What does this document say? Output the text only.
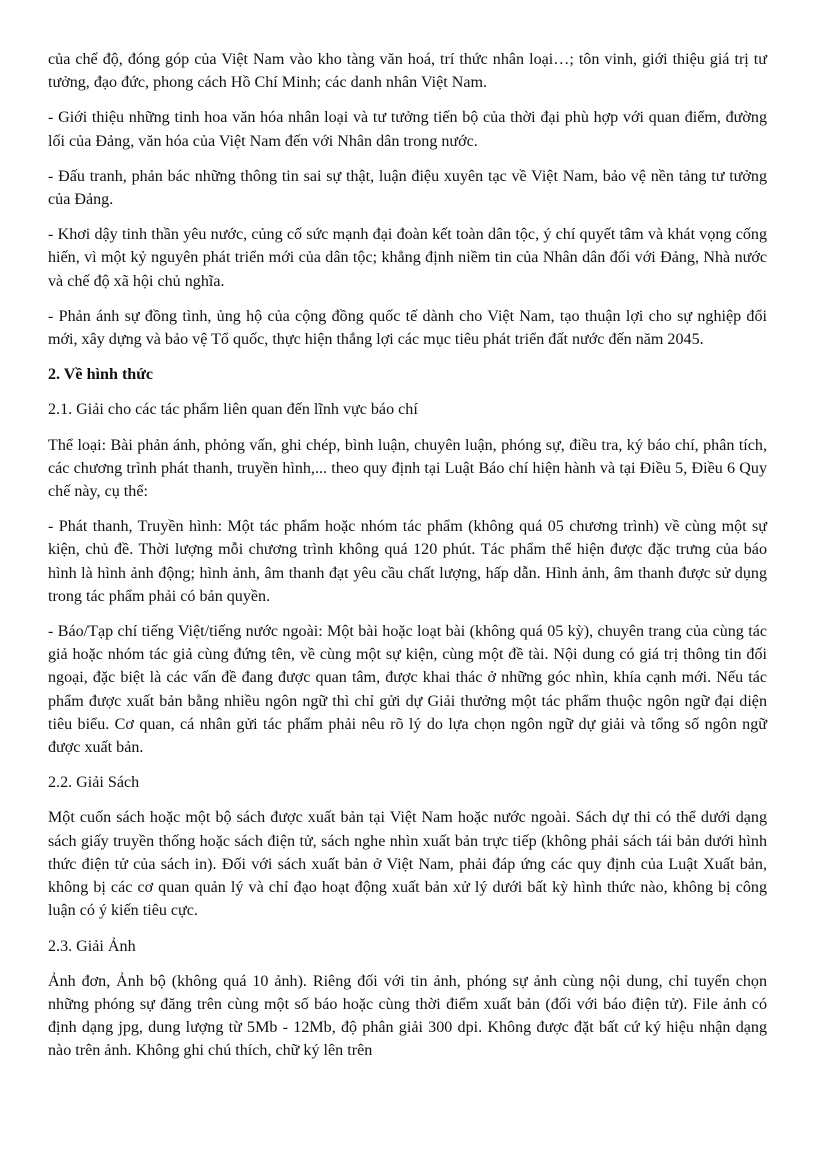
của chế độ, đóng góp của Việt Nam vào kho tàng văn hoá, trí thức nhân loại…; tôn vinh, giới thiệu giá trị tư tưởng, đạo đức, phong cách Hồ Chí Minh; các danh nhân Việt Nam.

- Giới thiệu những tinh hoa văn hóa nhân loại và tư tưởng tiến bộ của thời đại phù hợp với quan điểm, đường lối của Đảng, văn hóa của Việt Nam đến với Nhân dân trong nước.

- Đấu tranh, phản bác những thông tin sai sự thật, luận điệu xuyên tạc về Việt Nam, bảo vệ nền tảng tư tưởng của Đảng.

- Khơi dậy tinh thần yêu nước, củng cố sức mạnh đại đoàn kết toàn dân tộc, ý chí quyết tâm và khát vọng cống hiến, vì một kỷ nguyên phát triển mới của dân tộc; khẳng định niềm tin của Nhân dân đối với Đảng, Nhà nước và chế độ xã hội chủ nghĩa.

- Phản ánh sự đồng tình, ủng hộ của cộng đồng quốc tế dành cho Việt Nam, tạo thuận lợi cho sự nghiệp đổi mới, xây dựng và bảo vệ Tổ quốc, thực hiện thắng lợi các mục tiêu phát triển đất nước đến năm 2045.

2. Về hình thức

2.1. Giải cho các tác phẩm liên quan đến lĩnh vực báo chí

Thể loại: Bài phản ánh, phỏng vấn, ghi chép, bình luận, chuyên luận, phóng sự, điều tra, ký báo chí, phân tích, các chương trình phát thanh, truyền hình,... theo quy định tại Luật Báo chí hiện hành và tại Điều 5, Điều 6 Quy chế này, cụ thể:

- Phát thanh, Truyền hình: Một tác phẩm hoặc nhóm tác phẩm (không quá 05 chương trình) về cùng một sự kiện, chủ đề. Thời lượng mỗi chương trình không quá 120 phút. Tác phẩm thể hiện được đặc trưng của báo hình là hình ảnh động; hình ảnh, âm thanh đạt yêu cầu chất lượng, hấp dẫn. Hình ảnh, âm thanh được sử dụng trong tác phẩm phải có bản quyền.

- Báo/Tạp chí tiếng Việt/tiếng nước ngoài: Một bài hoặc loạt bài (không quá 05 kỳ), chuyên trang của cùng tác giả hoặc nhóm tác giả cùng đứng tên, về cùng một sự kiện, cùng một đề tài. Nội dung có giá trị thông tin đối ngoại, đặc biệt là các vấn đề đang được quan tâm, được khai thác ở những góc nhìn, khía cạnh mới. Nếu tác phẩm được xuất bản bằng nhiều ngôn ngữ thì chỉ gửi dự Giải thưởng một tác phẩm thuộc ngôn ngữ đại diện tiêu biểu. Cơ quan, cá nhân gửi tác phẩm phải nêu rõ lý do lựa chọn ngôn ngữ dự giải và tổng số ngôn ngữ được xuất bản.

2.2. Giải Sách

Một cuốn sách hoặc một bộ sách được xuất bản tại Việt Nam hoặc nước ngoài. Sách dự thi có thể dưới dạng sách giấy truyền thống hoặc sách điện tử, sách nghe nhìn xuất bản trực tiếp (không phải sách tái bản dưới hình thức điện tử của sách in). Đối với sách xuất bản ở Việt Nam, phải đáp ứng các quy định của Luật Xuất bản, không bị các cơ quan quản lý và chỉ đạo hoạt động xuất bản xử lý dưới bất kỳ hình thức nào, không bị công luận có ý kiến tiêu cực.

2.3. Giải Ảnh

Ảnh đơn, Ảnh bộ (không quá 10 ảnh). Riêng đối với tin ảnh, phóng sự ảnh cùng nội dung, chỉ tuyển chọn những phóng sự đăng trên cùng một số báo hoặc cùng thời điểm xuất bản (đối với báo điện tử). File ảnh có định dạng jpg, dung lượng từ 5Mb - 12Mb, độ phân giải 300 dpi. Không được đặt bất cứ ký hiệu nhận dạng nào trên ảnh. Không ghi chú thích, chữ ký lên trên
